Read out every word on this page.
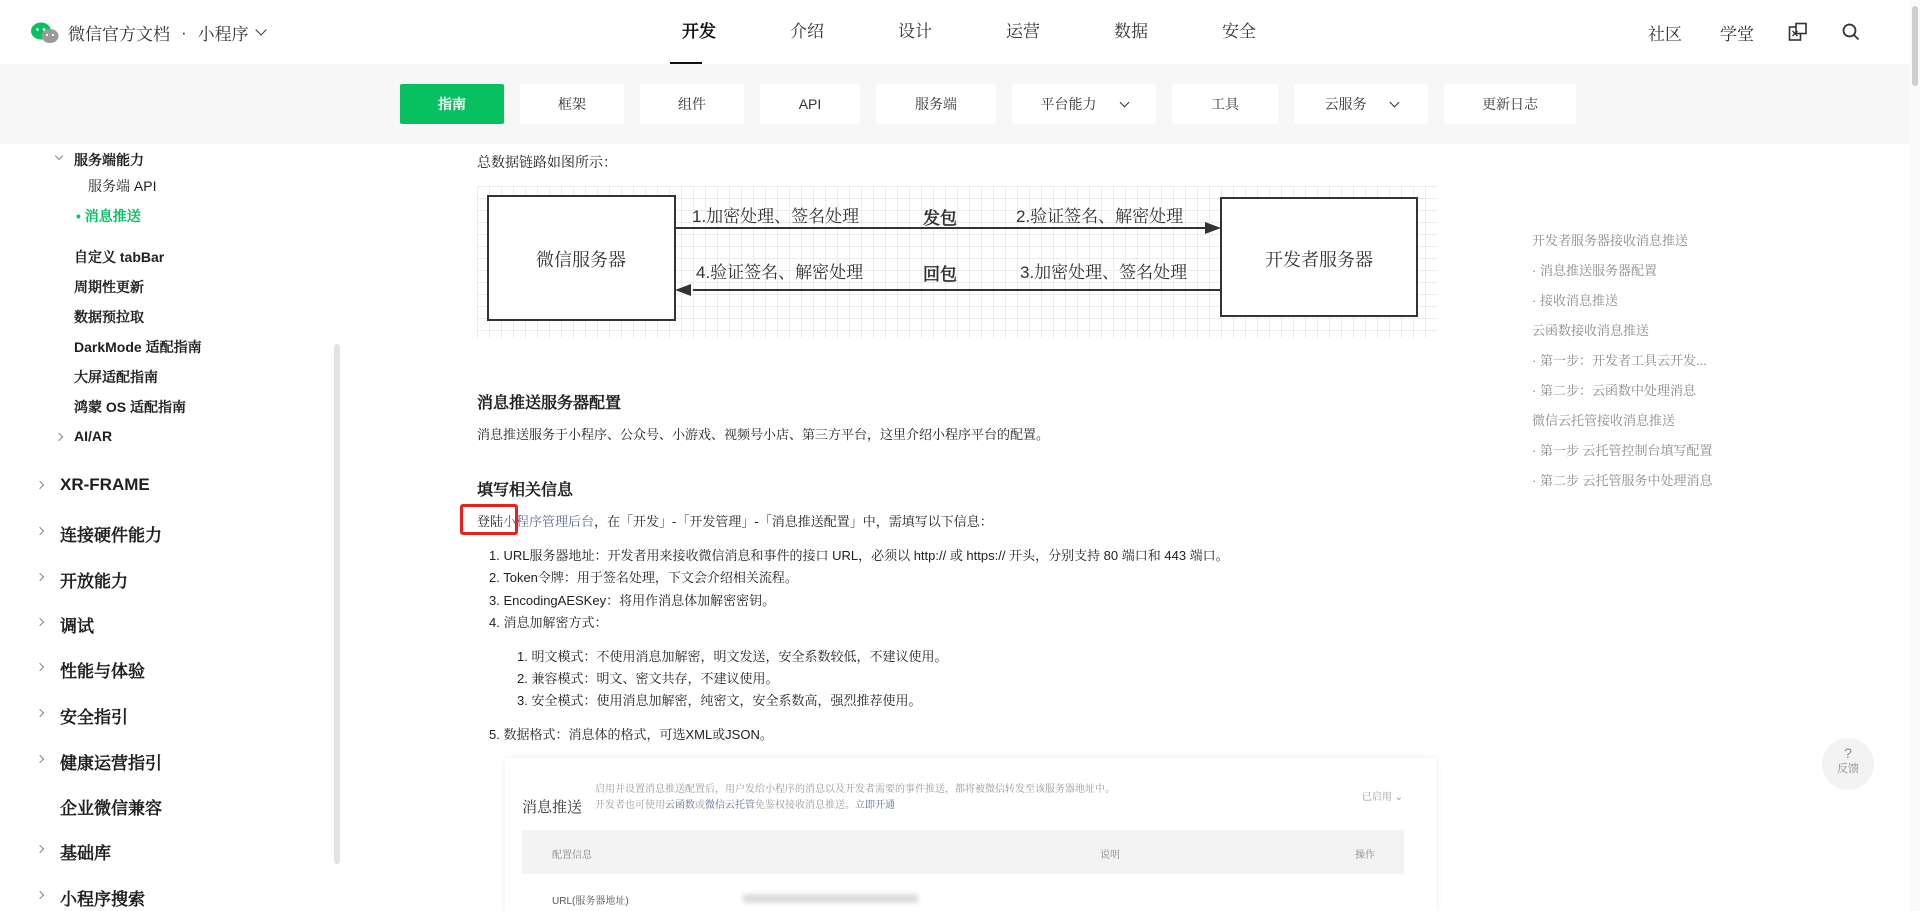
微信官方文档 · 小程序	开发	介绍	设计	运营	数据	安全	社区 学堂
指南	框架	组件	API	服务端	平台能力	工具	云服务	更新日志
服务端能力
服务端 API
• 消息推送
自定义 tabBar
周期性更新
数据预拉取
DarkMode 适配指南
大屏适配指南
鸿蒙 OS 适配指南
AI/AR
XR-FRAME
连接硬件能力
开放能力
调试
性能与体验
安全指引
健康运营指引
企业微信兼容
基础库
小程序搜索
总数据链路如图所示：
微信服务器	开发者服务器
1.加密处理、签名处理	发包	2.验证签名、解密处理
4.验证签名、解密处理	回包	3.加密处理、签名处理
消息推送服务器配置
消息推送服务于小程序、公众号、小游戏、视频号小店、第三方平台，这里介绍小程序平台的配置。
填写相关信息
登陆小程序管理后台，在「开发」-「开发管理」-「消息推送配置」中，需填写以下信息：
1. URL服务器地址：开发者用来接收微信消息和事件的接口 URL，必须以 http:// 或 https:// 开头，分别支持 80 端口和 443 端口。
2. Token令牌：用于签名处理，下文会介绍相关流程。
3. EncodingAESKey：将用作消息体加解密密钥。
4. 消息加解密方式：
1. 明文模式：不使用消息加解密，明文发送，安全系数较低，不建议使用。
2. 兼容模式：明文、密文共存，不建议使用。
3. 安全模式：使用消息加解密，纯密文，安全系数高，强烈推荐使用。
5. 数据格式：消息体的格式，可选XML或JSON。
消息推送
启用并设置消息推送配置后，用户发给小程序的消息以及开发者需要的事件推送，都将被微信转发至该服务器地址中。
开发者也可使用云函数或微信云托管免鉴权接收消息推送。立即开通
已启用 ⌄
配置信息	说明	操作
URL(服务器地址)
开发者服务器接收消息推送
· 消息推送服务器配置
· 接收消息推送
云函数接收消息推送
· 第一步：开发者工具云开发...
· 第二步：云函数中处理消息
微信云托管接收消息推送
· 第一步 云托管控制台填写配置
· 第二步 云托管服务中处理消息
?
反馈
